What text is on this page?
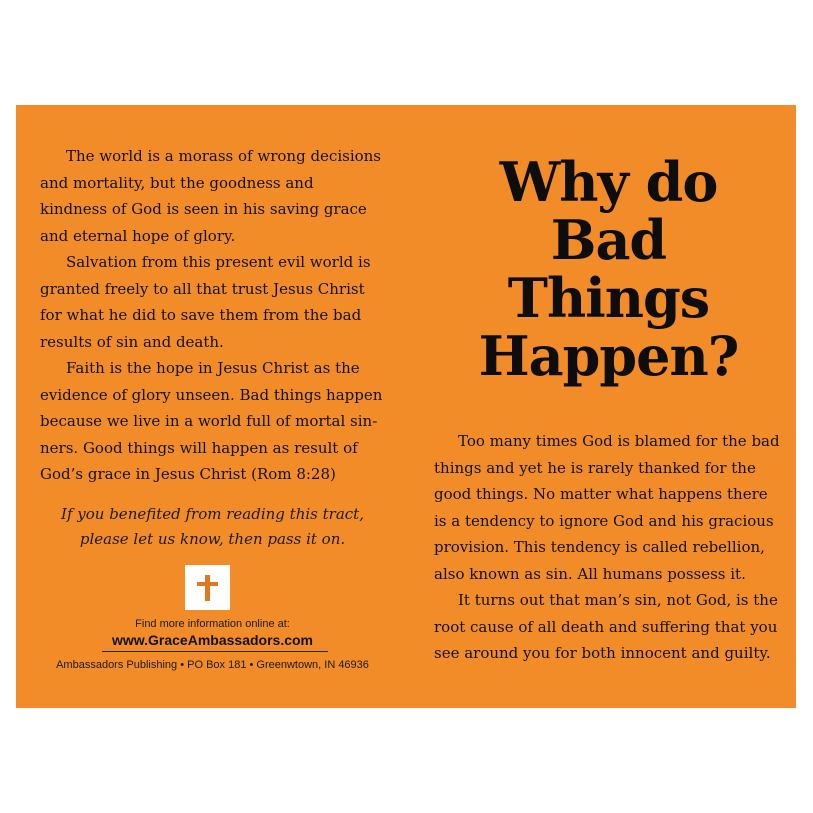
The world is a morass of wrong decisions and mortality, but the goodness and kindness of God is seen in his saving grace and eternal hope of glory.

Salvation from this present evil world is granted freely to all that trust Jesus Christ for what he did to save them from the bad results of sin and death.

Faith is the hope in Jesus Christ as the evidence of glory unseen. Bad things happen because we live in a world full of mortal sin-ners. Good things will happen as result of God’s grace in Jesus Christ (Rom 8:28)

If you benefited from reading this tract,
please let us know, then pass it on.
Find more information online at:
www.GraceAmbassadors.com
Ambassadors Publishing • PO Box 181 • Greenwtown, IN 46936
Why do
Bad
Things
Happen?

Too many times God is blamed for the bad things and yet he is rarely thanked for the good things. No matter what happens there is a tendency to ignore God and his gracious provision. This tendency is called rebellion, also known as sin. All humans possess it.

It turns out that man’s sin, not God, is the root cause of all death and suffering that you see around you for both innocent and guilty.
